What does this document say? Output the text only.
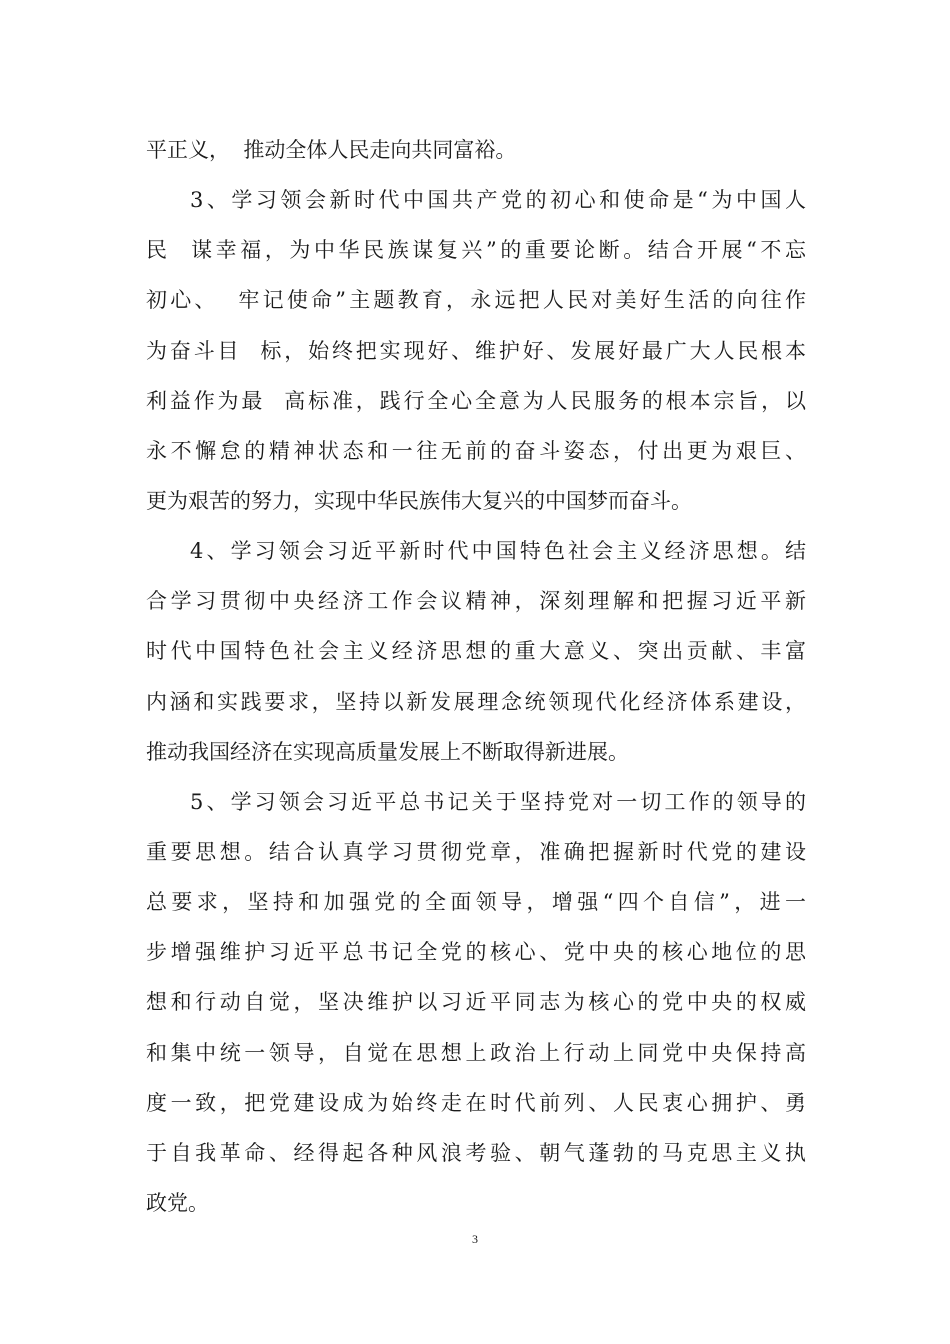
平正义，  推动全体人民走向共同富裕。

3、学习领会新时代中国共产党的初心和使命是“为中国人

民  谋幸福，为中华民族谋复兴”的重要论断。结合开展“不忘

初心、  牢记使命”主题教育，永远把人民对美好生活的向往作

为奋斗目  标，始终把实现好、维护好、发展好最广大人民根本

利益作为最  高标准，践行全心全意为人民服务的根本宗旨，以

永不懈怠的精神状态和一往无前的奋斗姿态，付出更为艰巨、

更为艰苦的努力，实现中华民族伟大复兴的中国梦而奋斗。

4、学习领会习近平新时代中国特色社会主义经济思想。结

合学习贯彻中央经济工作会议精神，深刻理解和把握习近平新

时代中国特色社会主义经济思想的重大意义、突出贡献、丰富

内涵和实践要求，坚持以新发展理念统领现代化经济体系建设，

推动我国经济在实现高质量发展上不断取得新进展。

5、学习领会习近平总书记关于坚持党对一切工作的领导的

重要思想。结合认真学习贯彻党章，准确把握新时代党的建设

总要求，坚持和加强党的全面领导，增强“四个自信”，进一

步增强维护习近平总书记全党的核心、党中央的核心地位的思

想和行动自觉，坚决维护以习近平同志为核心的党中央的权威

和集中统一领导，自觉在思想上政治上行动上同党中央保持高

度一致，把党建设成为始终走在时代前列、人民衷心拥护、勇

于自我革命、经得起各种风浪考验、朝气蓬勃的马克思主义执

政党。

3
